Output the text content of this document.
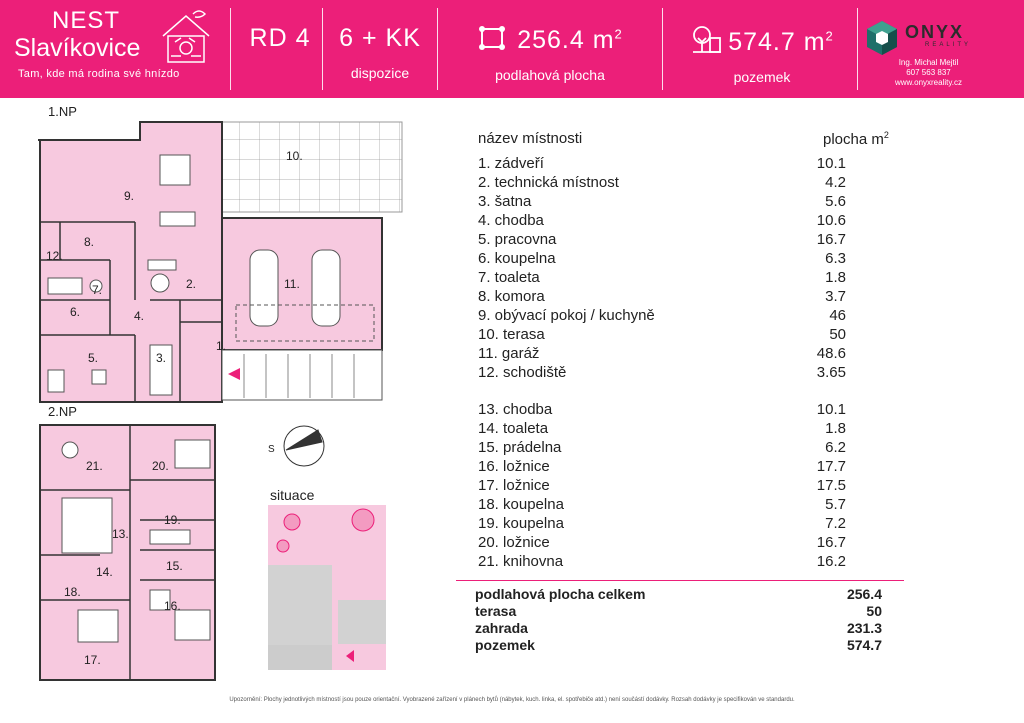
NEST
Slavíkovice
Tam, kde má rodina své hnízdo
RD 4	6 + KK
dispozice
256.4 $m^2$
podlahová plocha
574.7 $m^2$
pozemek
ONYX
REALITY
Ing. Michal Mejtil
607 563 837
www.onyxreality.cz
1.NP
2.NP
1.
2.
3.
4.
5.
6.
7.
8.
9.
10.
11.
12.
13.
14.	15.
16.
17.
18.
19.
20.
21.
S
situace
název místnosti	plocha $m^2$
1. zádveří	10.1
2. technická místnost	4.2
3. šatna	5.6
4. chodba	10.6
5. pracovna	16.7
6. koupelna	6.3
7. toaleta	1.8
8. komora	3.7
9. obývací pokoj / kuchyně	46
10. terasa	50
11. garáž	48.6
12. schodiště	3.65
13. chodba	10.1
14. toaleta	1.8
15. prádelna	6.2
16. ložnice	17.7
17. ložnice	17.5
18. koupelna	5.7
19. koupelna	7.2
20. ložnice	16.7
21. knihovna	16.2
podlahová plocha celkem	256.4
terasa	50
zahrada	231.3
pozemek	574.7
Upozornění: Plochy jednotlivých místností jsou pouze orientační. Vyobrazené zařízení v plánech bytů (nábytek, kuch. linka, el. spotřebiče atd.) není součástí dodávky. Rozsah dodávky je specifikován ve standardu.
